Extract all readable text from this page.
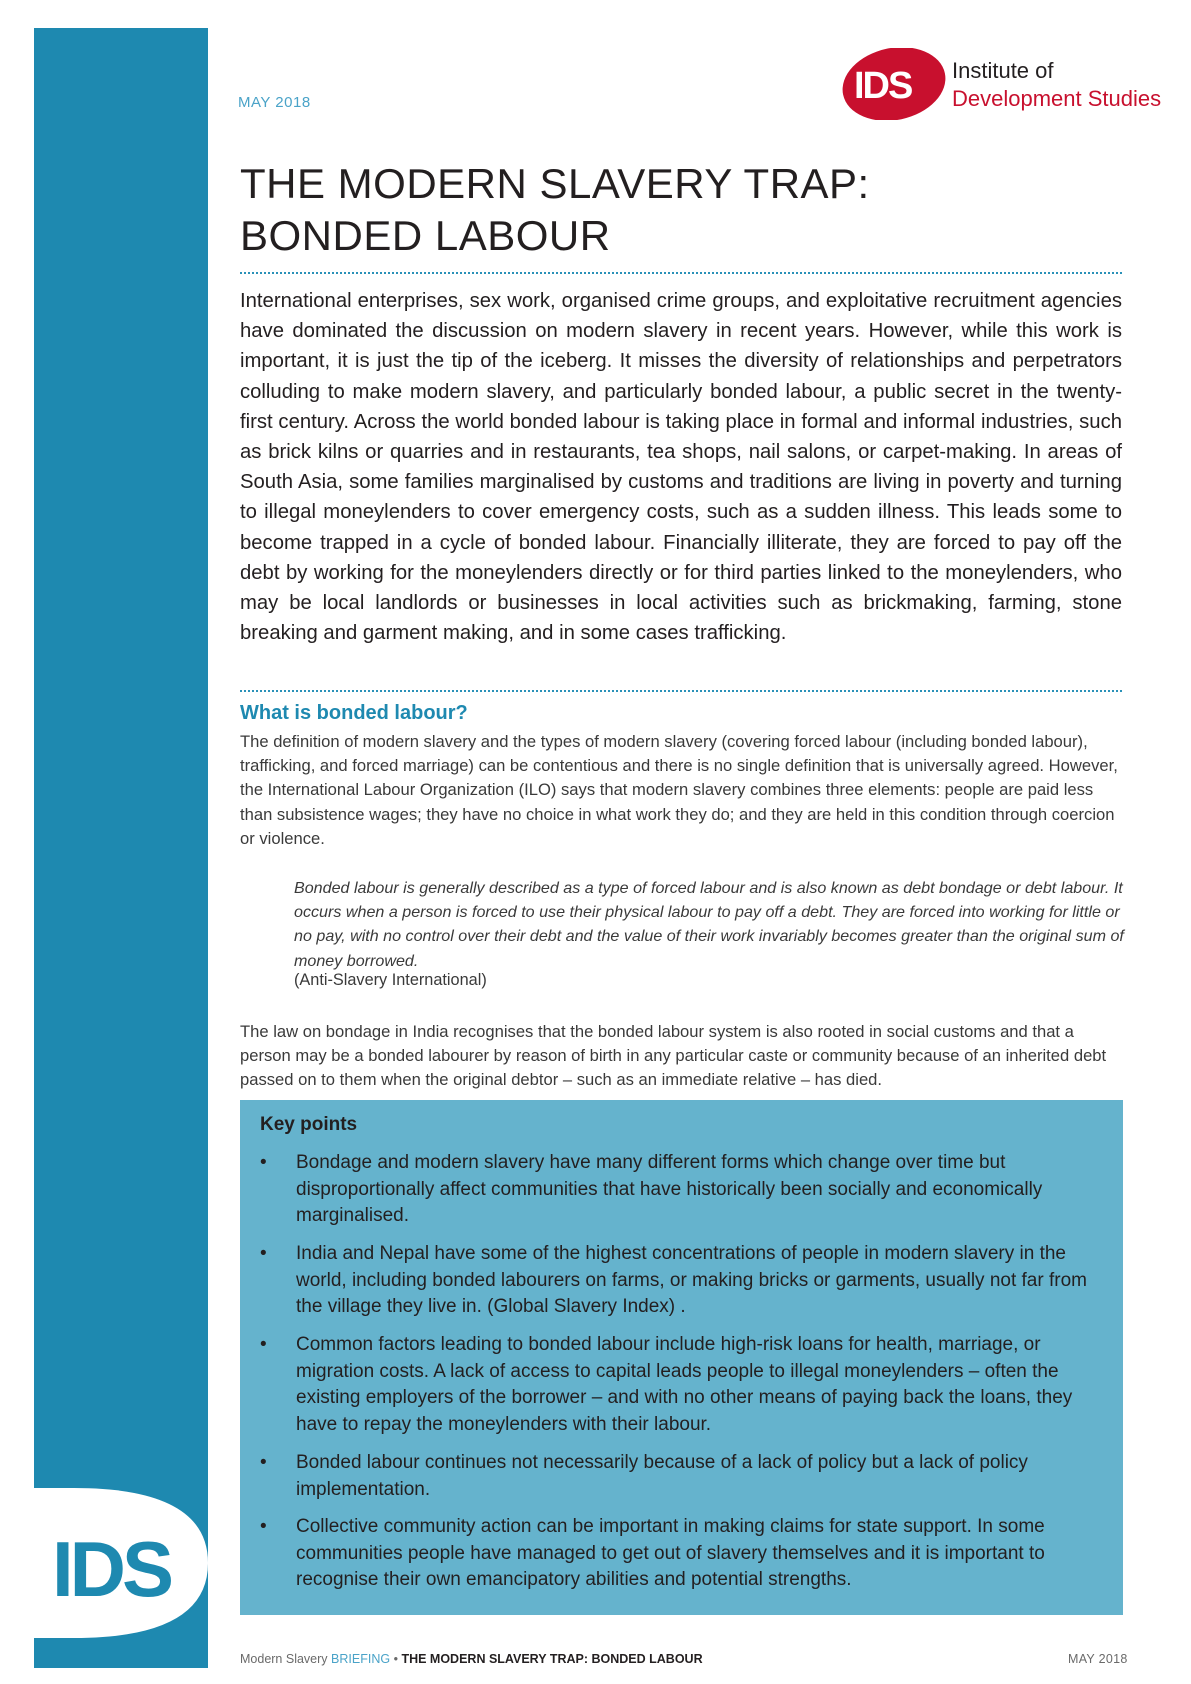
IDS
MAY 2018	IDS Institute of
Development Studies
THE MODERN SLAVERY TRAP:
BONDED LABOUR

International enterprises, sex work, organised crime groups, and exploitative recruitment agencies have dominated the discussion on modern slavery in recent years. However, while this work is important, it is just the tip of the iceberg. It misses the diversity of relationships and perpetrators colluding to make modern slavery, and particularly bonded labour, a public secret in the twenty-first century. Across the world bonded labour is taking place in formal and informal industries, such as brick kilns or quarries and in restaurants, tea shops, nail salons, or carpet-making. In areas of South Asia, some families marginalised by customs and traditions are living in poverty and turning to illegal moneylenders to cover emergency costs, such as a sudden illness. This leads some to become trapped in a cycle of bonded labour. Financially illiterate, they are forced to pay off the debt by working for the moneylenders directly or for third parties linked to the moneylenders, who may be local landlords or businesses in local activities such as brickmaking, farming, stone breaking and garment making, and in some cases trafficking.

What is bonded labour?

The definition of modern slavery and the types of modern slavery (covering forced labour (including bonded labour), trafficking, and forced marriage) can be contentious and there is no single definition that is universally agreed. However, the International Labour Organization (ILO) says that modern slavery combines three elements: people are paid less than subsistence wages; they have no choice in what work they do; and they are held in this condition through coercion or violence.

Bonded labour is generally described as a type of forced labour and is also known as debt bondage or debt labour. It occurs when a person is forced to use their physical labour to pay off a debt. They are forced into working for little or no pay, with no control over their debt and the value of their work invariably becomes greater than the original sum of money borrowed.

(Anti-Slavery International)

The law on bondage in India recognises that the bonded labour system is also rooted in social customs and that a person may be a bonded labourer by reason of birth in any particular caste or community because of an inherited debt passed on to them when the original debtor – such as an immediate relative – has died.

Key points
•	Bondage and modern slavery have many different forms which change over time but disproportionally affect communities that have historically been socially and economically marginalised.
•	India and Nepal have some of the highest concentrations of people in modern slavery in the world, including bonded labourers on farms, or making bricks or garments, usually not far from the village they live in. (Global Slavery Index) .
•	Common factors leading to bonded labour include high-risk loans for health, marriage, or migration costs. A lack of access to capital leads people to illegal moneylenders – often the existing employers of the borrower – and with no other means of paying back the loans, they have to repay the moneylenders with their labour.
•	Bonded labour continues not necessarily because of a lack of policy but a lack of policy implementation.
•	Collective community action can be important in making claims for state support. In some communities people have managed to get out of slavery themselves and it is important to recognise their own emancipatory abilities and potential strengths.
Modern Slavery BRIEFING • THE MODERN SLAVERY TRAP: BONDED LABOUR	MAY 2018
